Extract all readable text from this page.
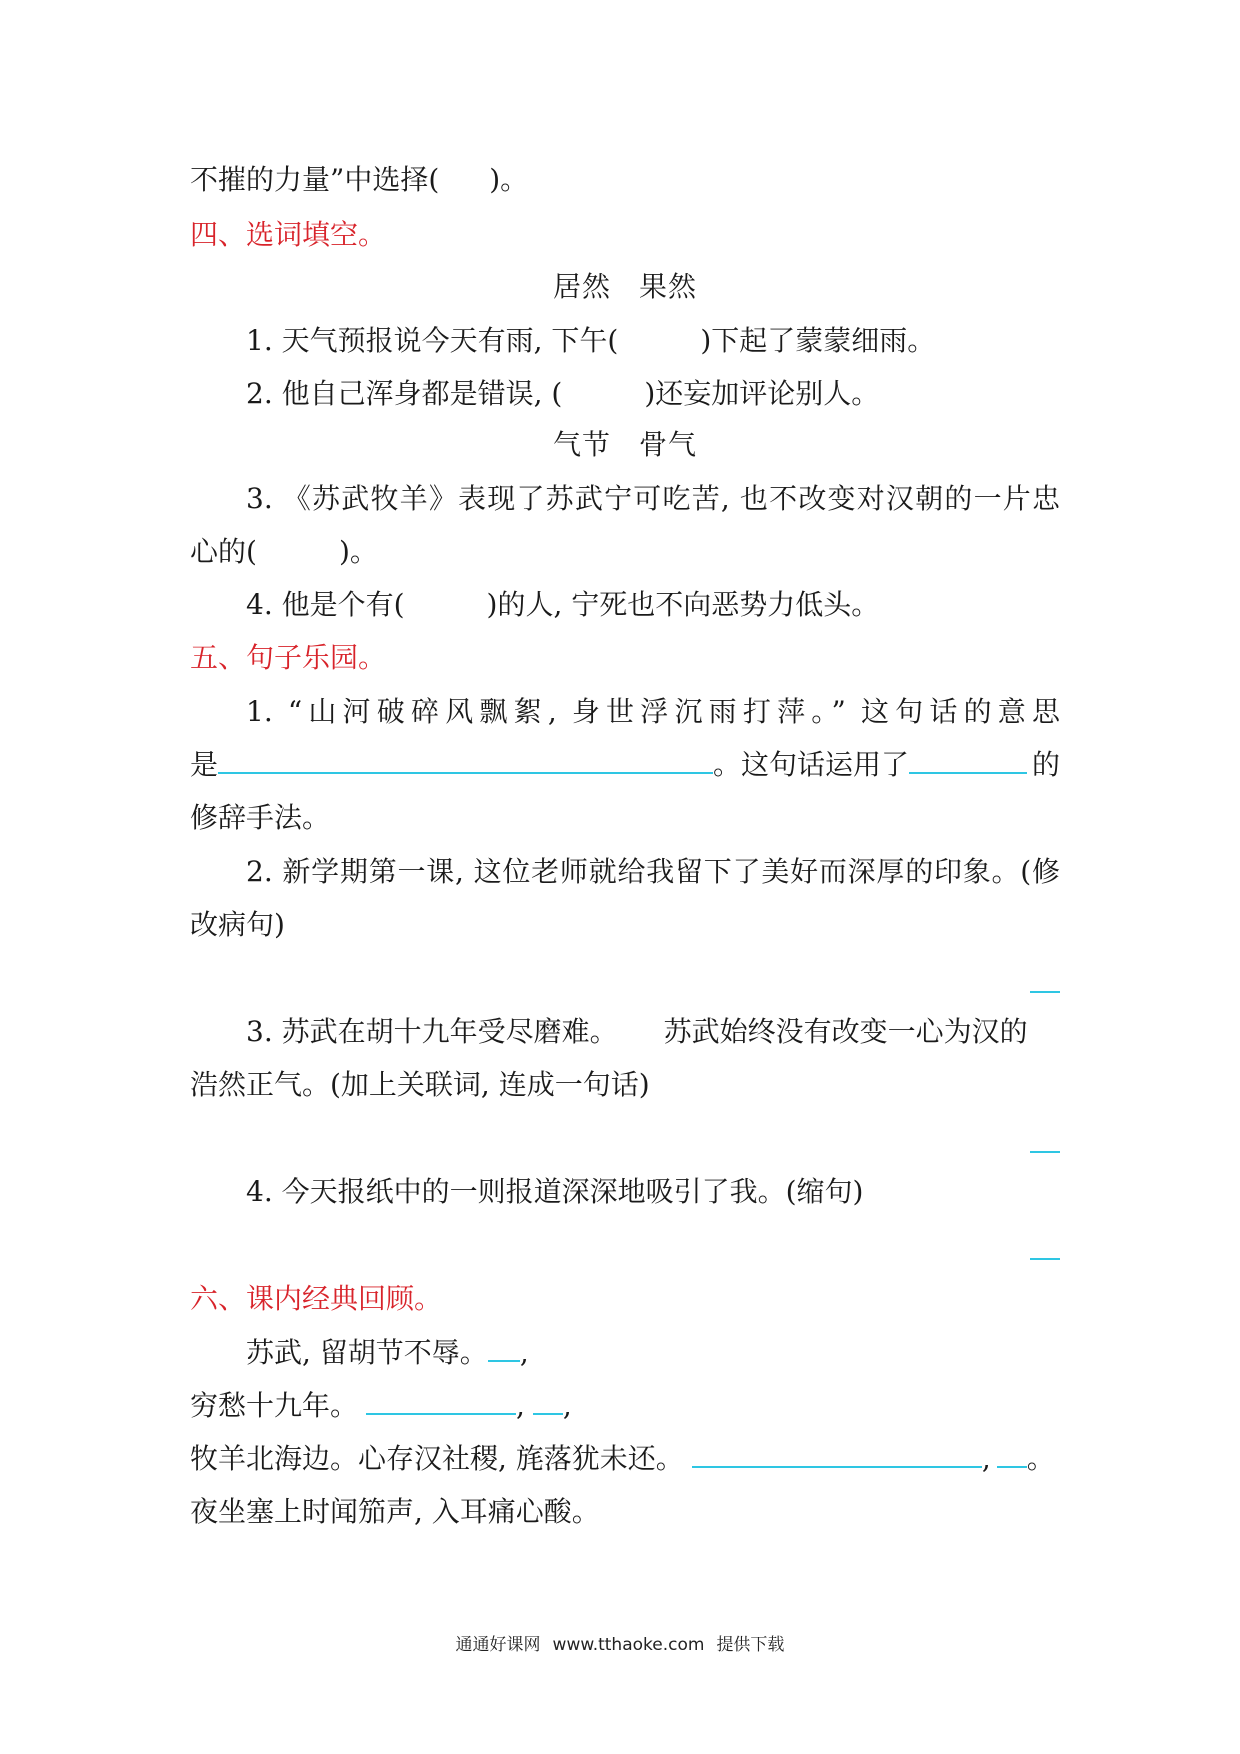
不摧的力量”中选择( )。
四、选词填空。
居然 果然
1. 天气预报说今天有雨, 下午(	)下起了蒙蒙细雨。
2. 他自己浑身都是错误, (	)还妄加评论别人。
气节 骨气
3. 《苏武牧羊》表现了苏武宁可吃苦, 也不改变对汉朝的一片忠
心的(	)。
4. 他是个有(	)的人, 宁死也不向恶势力低头。
五、句子乐园。
1. “山河破碎风飘絮, 身世浮沉雨打萍。” 这句话的意思
是	。这句话运用了	的
修辞手法。
2. 新学期第一课, 这位老师就给我留下了美好而深厚的印象。(修
改病句)
3. 苏武在胡十九年受尽磨难。 苏武始终没有改变一心为汉的
浩然正气。(加上关联词, 连成一句话)
4. 今天报纸中的一则报道深深地吸引了我。(缩句)
六、课内经典回顾。
苏武, 留胡节不辱。 ,
穷愁十九年。	, ,
牧羊北海边。心存汉社稷, 旄落犹未还。	, 。
夜坐塞上时闻笳声, 入耳痛心酸。
通通好课网 www.tthaoke.com 提供下载
